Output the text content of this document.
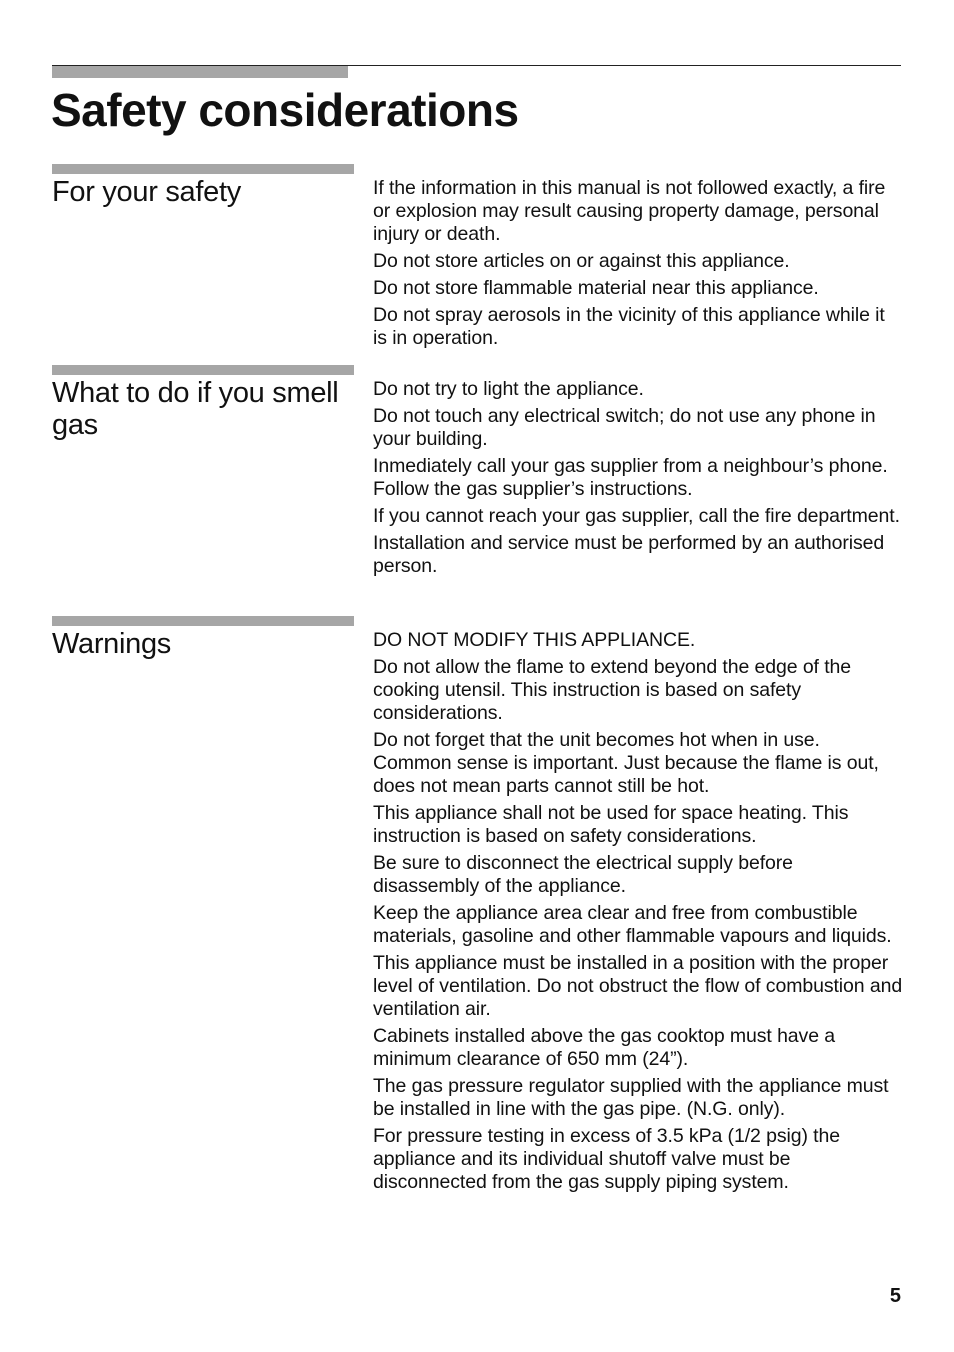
Safety considerations
For your safety	If the information in this manual is not followed exactly, a fire or explosion may result causing property damage, personal injury or death.

Do not store articles on or against this appliance.

Do not store flammable material near this appliance.

Do not spray aerosols in the vicinity of this appliance while it is in operation.

What to do if you smell gas

Do not try to light the appliance.

Do not touch any electrical switch; do not use any phone in your building.

Inmediately call your gas supplier from a neighbour’s phone. Follow the gas supplier’s instructions.

If you cannot reach your gas supplier, call the fire department.

Installation and service must be performed by an authorised person.

Warnings	DO NOT MODIFY THIS APPLIANCE.

Do not allow the flame to extend beyond the edge of the cooking utensil. This instruction is based on safety considerations.

Do not forget that the unit becomes hot when in use. Common sense is important. Just because the flame is out, does not mean parts cannot still be hot.

This appliance shall not be used for space heating. This instruction is based on safety considerations.

Be sure to disconnect the electrical supply before disassembly of the appliance.

Keep the appliance area clear and free from combustible materials, gasoline and other flammable vapours and liquids.

This appliance must be installed in a position with the proper level of ventilation. Do not obstruct the flow of combustion and ventilation air.

Cabinets installed above the gas cooktop must have a minimum clearance of 650 mm (24”).

The gas pressure regulator supplied with the appliance must be installed in line with the gas pipe. (N.G. only).

For pressure testing in excess of 3.5 kPa (1/2 psig) the appliance and its individual shutoff valve must be disconnected from the gas supply piping system.

5
